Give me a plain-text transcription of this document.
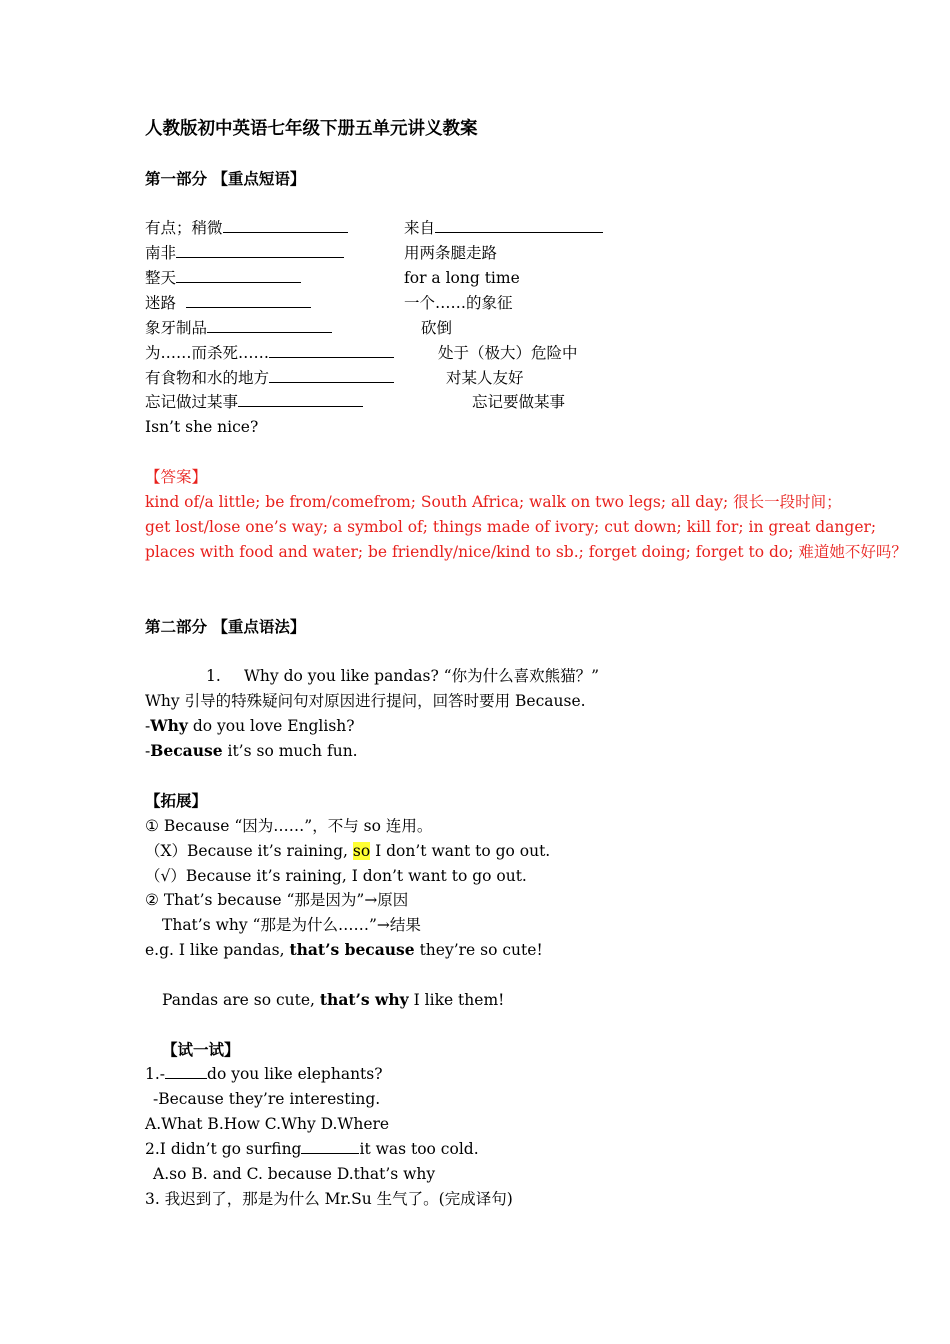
人教版初中英语七年级下册五单元讲义教案
第一部分 【重点短语】
有点；稍微
南非
整天
迷路
象牙制品
为……而杀死……
有食物和水的地方
忘记做过某事
Isn’t she nice?
来自
用两条腿走路
for a long time
一个……的象征
砍倒
处于（极大）危险中
对某人友好
忘记要做某事
【答案】
kind of/a little; be from/comefrom; South Africa; walk on two legs; all day; 很长一段时间；
get lost/lose one’s way; a symbol of; things made of ivory; cut down; kill for; in great danger;
places with food and water; be friendly/nice/kind to sb.; forget doing; forget to do; 难道她不好吗？
第二部分 【重点语法】
1. Why do you like pandas? “你为什么喜欢熊猫？”
Why 引导的特殊疑问句对原因进行提问，回答时要用 Because.
-Why do you love English?
-Because it’s so much fun.
【拓展】
① Because “因为……”，不与 so 连用。
（X）Because it’s raining, so I don’t want to go out.
（√）Because it’s raining, I don’t want to go out.
② That’s because “那是因为”→原因
That’s why “那是为什么……”→结果
e.g. I like pandas, that’s because they’re so cute!
Pandas are so cute, that’s why I like them!
【试一试】
1.-	do you like elephants?
-Because they’re interesting.
A.What B.How C.Why D.Where
2.I didn’t go surfing	it was too cold.
A.so B. and C. because D.that’s why
3. 我迟到了，那是为什么 Mr.Su 生气了。(完成译句)
